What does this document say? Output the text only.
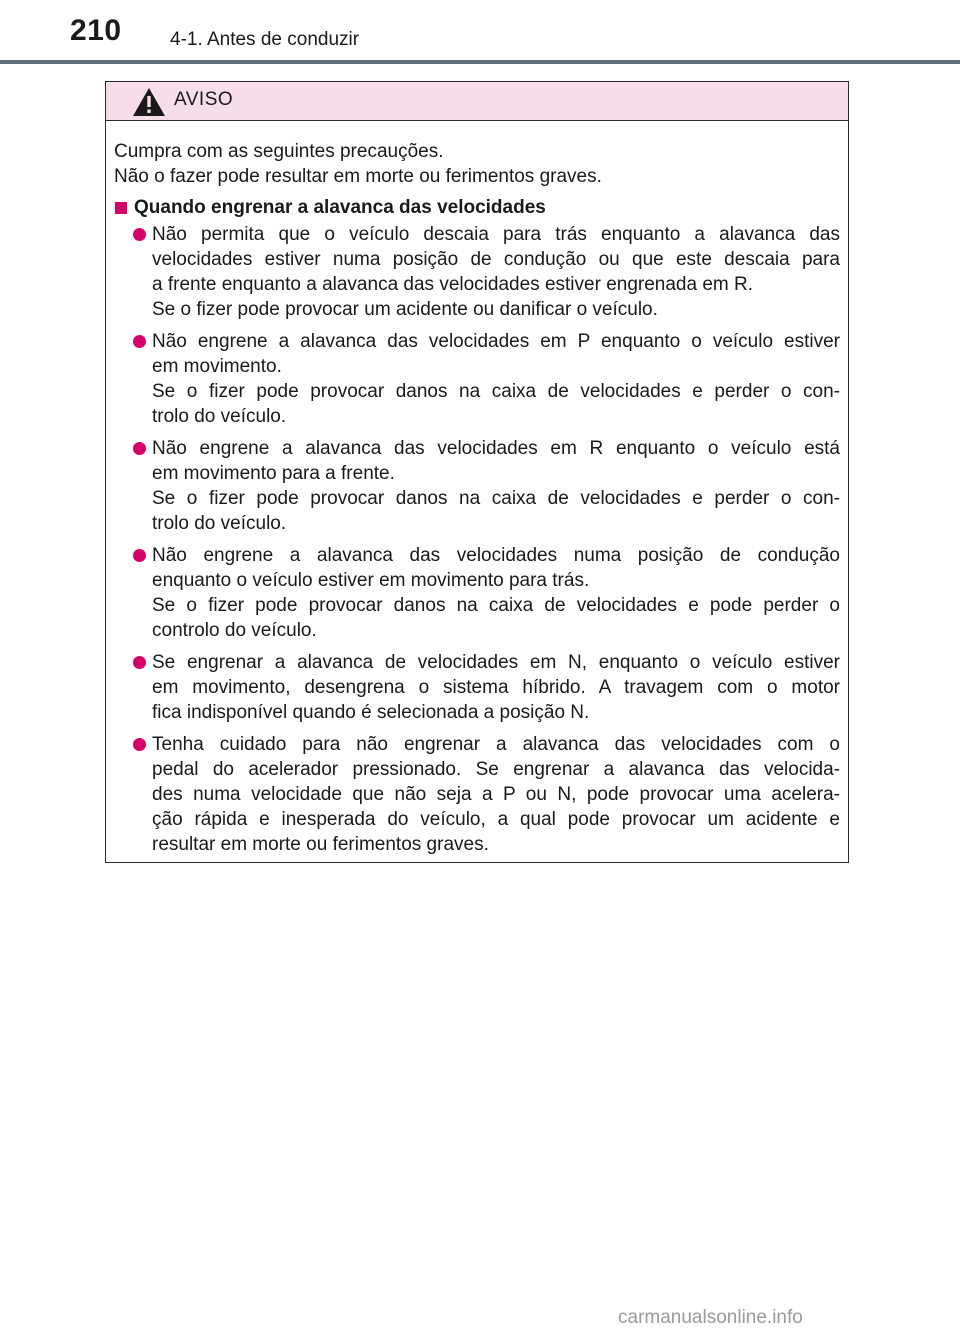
210	4-1. Antes de conduzir
AVISO

Cumpra com as seguintes precauções.
Não o fazer pode resultar em morte ou ferimentos graves.

Quando engrenar a alavanca das velocidades
Não permita que o veículo descaia para trás enquanto a alavanca das
velocidades estiver numa posição de condução ou que este descaia para
a frente enquanto a alavanca das velocidades estiver engrenada em R.
Se o fizer pode provocar um acidente ou danificar o veículo.
Não engrene a alavanca das velocidades em P enquanto o veículo estiver
em movimento.
Se o fizer pode provocar danos na caixa de velocidades e perder o con-
trolo do veículo.
Não engrene a alavanca das velocidades em R enquanto o veículo está
em movimento para a frente.
Se o fizer pode provocar danos na caixa de velocidades e perder o con-
trolo do veículo.
Não engrene a alavanca das velocidades numa posição de condução
enquanto o veículo estiver em movimento para trás.
Se o fizer pode provocar danos na caixa de velocidades e pode perder o
controlo do veículo.
Se engrenar a alavanca de velocidades em N, enquanto o veículo estiver
em movimento, desengrena o sistema híbrido. A travagem com o motor
fica indisponível quando é selecionada a posição N.
Tenha cuidado para não engrenar a alavanca das velocidades com o
pedal do acelerador pressionado. Se engrenar a alavanca das velocida-
des numa velocidade que não seja a P ou N, pode provocar uma acelera-
ção rápida e inesperada do veículo, a qual pode provocar um acidente e
resultar em morte ou ferimentos graves.
carmanualsonline.info
